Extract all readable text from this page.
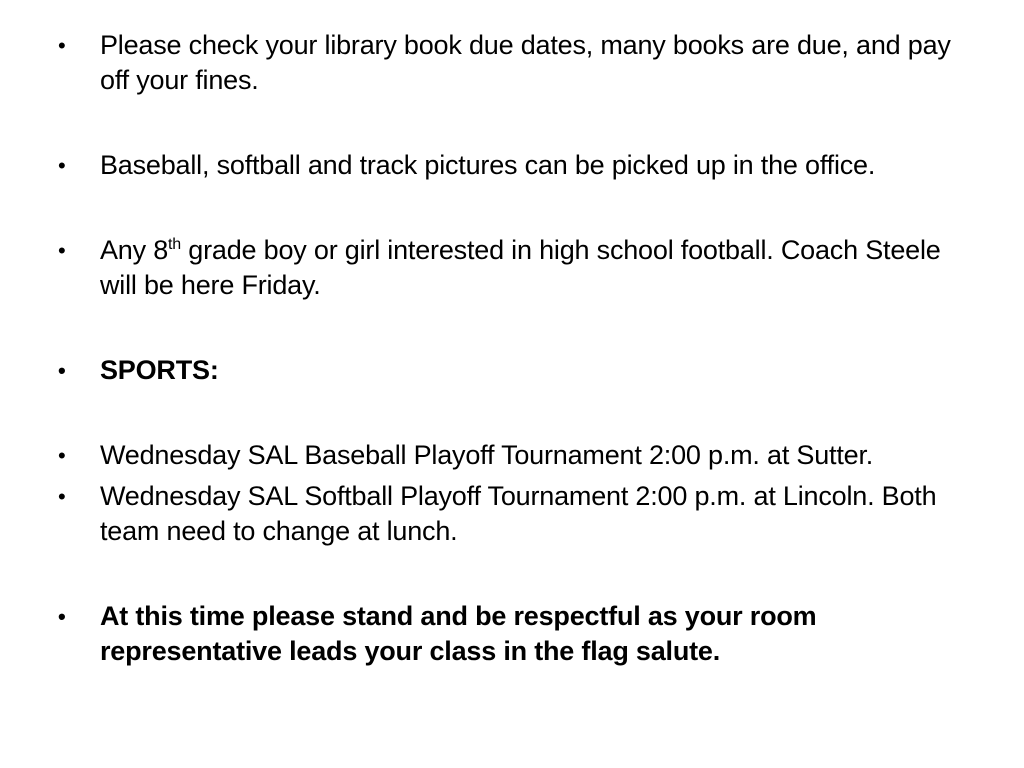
• Please check your library book due dates, many books are due, and pay off your fines.
• Baseball, softball and track pictures can be picked up in the office.
• Any 8th grade boy or girl interested in high school football. Coach Steele will be here Friday.
• SPORTS:
• Wednesday SAL Baseball Playoff Tournament 2:00 p.m. at Sutter.
• Wednesday SAL Softball Playoff Tournament 2:00 p.m. at Lincoln. Both team need to change at lunch.
• At this time please stand and be respectful as your room representative leads your class in the flag salute.
